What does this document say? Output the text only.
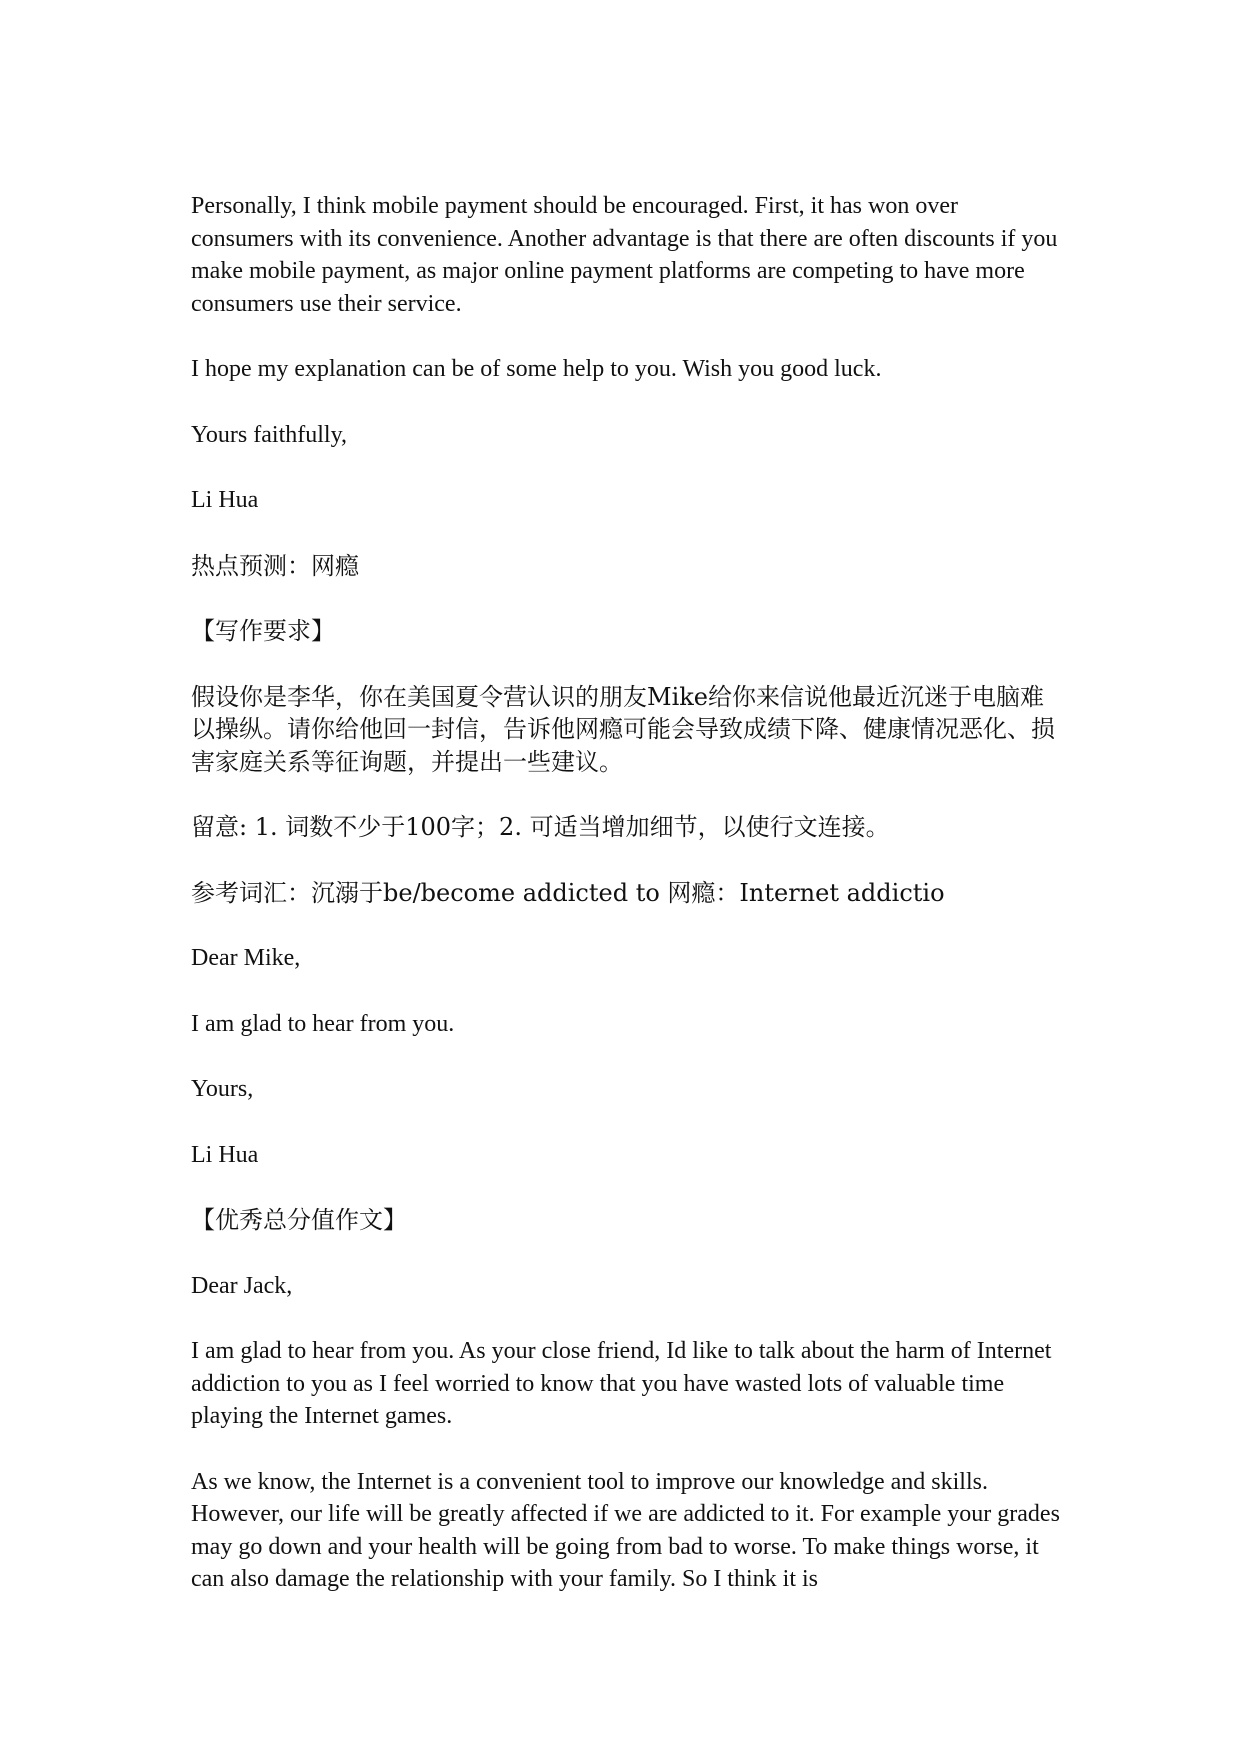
Personally, I think mobile payment should be encouraged. First, it has won over consumers with its convenience. Another advantage is that there are often discounts if you make mobile payment, as major online payment platforms are competing to have more consumers use their service.

I hope my explanation can be of some help to you. Wish you good luck.

Yours faithfully,

Li Hua

热点预测：网瘾

【写作要求】

假设你是李华，你在美国夏令营认识的朋友Mike给你来信说他最近沉迷于电脑难以操纵。请你给他回一封信，告诉他网瘾可能会导致成绩下降、健康情况恶化、损害家庭关系等征询题，并提出一些建议。

留意: 1. 词数不少于100字；2. 可适当增加细节，以使行文连接。

参考词汇：沉溺于be/become addicted to 网瘾：Internet addictio

Dear Mike,

I am glad to hear from you.

Yours,

Li Hua

【优秀总分值作文】

Dear Jack,

I am glad to hear from you. As your close friend, Id like to talk about the harm of Internet addiction to you as I feel worried to know that you have wasted lots of valuable time playing the Internet games.

As we know, the Internet is a convenient tool to improve our knowledge and skills. However, our life will be greatly affected if we are addicted to it. For example your grades may go down and your health will be going from bad to worse. To make things worse, it can also damage the relationship with your family. So I think it is
